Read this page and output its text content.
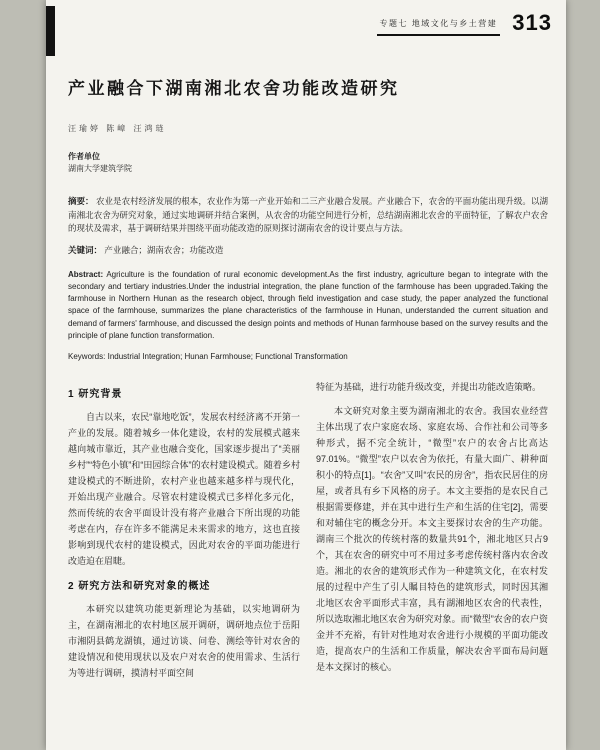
专题七 地域文化与乡土营建 313
产业融合下湖南湘北农舍功能改造研究
汪瑜婷 陈嶂 汪鸿琏
作者单位
湖南大学建筑学院

摘要： 农业是农村经济发展的根本，农业作为第一产业开始和二三产业融合发展。产业融合下，农舍的平面功能出现升级。以湖南湘北农舍为研究对象，通过实地调研并结合案例，从农舍的功能空间进行分析，总结湖南湘北农舍的平面特征，了解农户农舍的现状及需求，基于调研结果并围绕平面功能改造的原则探讨湖南农舍的设计要点与方法。

关键词： 产业融合；湖南农舍；功能改造

Abstract: Agriculture is the foundation of rural economic development.As the first industry, agriculture began to integrate with the secondary and tertiary industries.Under the industrial integration, the plane function of the farmhouse has been upgraded.Taking the farmhouse in Northern Hunan as the research object, through field investigation and case study, the paper analyzed the functional space of the farmhouse, summarizes the plane characteristics of the farmhouse in Hunan, understanded the current situation and demand of farmers' farmhouse, and discussed the design points and methods of Hunan farmhouse based on the survey results and the principle of plane function transformation.

Keywords: Industrial Integration; Hunan Farmhouse; Functional Transformation

1 研究背景

自古以来，农民“靠地吃饭”，发展农村经济离不开第一产业的发展。随着城乡一体化建设，农村的发展模式越来越向城市靠近，其产业也融合变化，国家逐步提出了“美丽乡村”“特色小镇”和“田园综合体”的农村建设模式。随着乡村建设模式的不断进阶，农村产业也越来越多样与现代化，开始出现产业融合。尽管农村建设模式已多样化多元化，然而传统的农舍平面设计没有将产业融合下所出现的功能考虑在内，存在许多不能满足未来需求的地方，这也直接影响到现代农村的建设模式，因此对农舍的平面功能进行改造迫在眉睫。

2 研究方法和研究对象的概述

本研究以建筑功能更新理论为基础，以实地调研为主，在湖南湘北的农村地区展开调研，调研地点位于岳阳市湘阴县鹤龙湖镇，通过访谈、问卷、测绘等针对农舍的建设情况和使用现状以及农户对农舍的使用需求、生活行为等进行调研，摸清村平面空间

特征为基础，进行功能升级改变，并提出功能改造策略。

本文研究对象主要为湖南湘北的农舍。我国农业经营主体出现了农户家庭农场、家庭农场、合作社和公司等多种形式，据不完全统计，“微型”农户的农舍占比高达97.01%。“微型”农户以农舍为依托，有量大面广、耕种面积小的特点[1]。“农舍”又叫“农民的房舍”，指农民居住的房屋，或者具有乡下风格的房子。本文主要指的是农民自己根据需要修建，并在其中进行生产和生活的住宅[2]，需要和对辅住宅的概念分开。本文主要探讨农舍的生产功能。湖南三个批次的传统村落的数量共91个，湘北地区只占9个，其在农舍的研究中可不用过多考虑传统村落内农舍改造。湘北的农舍的建筑形式作为一种建筑文化，在农村发展的过程中产生了引人瞩目特色的建筑形式，同时因其湘北地区农舍平面形式丰富，具有湖湘地区农舍的代表性，所以选取湘北地区农舍为研究对象。而“微型”农舍的农户资金并不充裕，有针对性地对农舍进行小规模的平面功能改造，提高农户的生活和工作质量，解决农舍平面布局问题是本文探讨的核心。
